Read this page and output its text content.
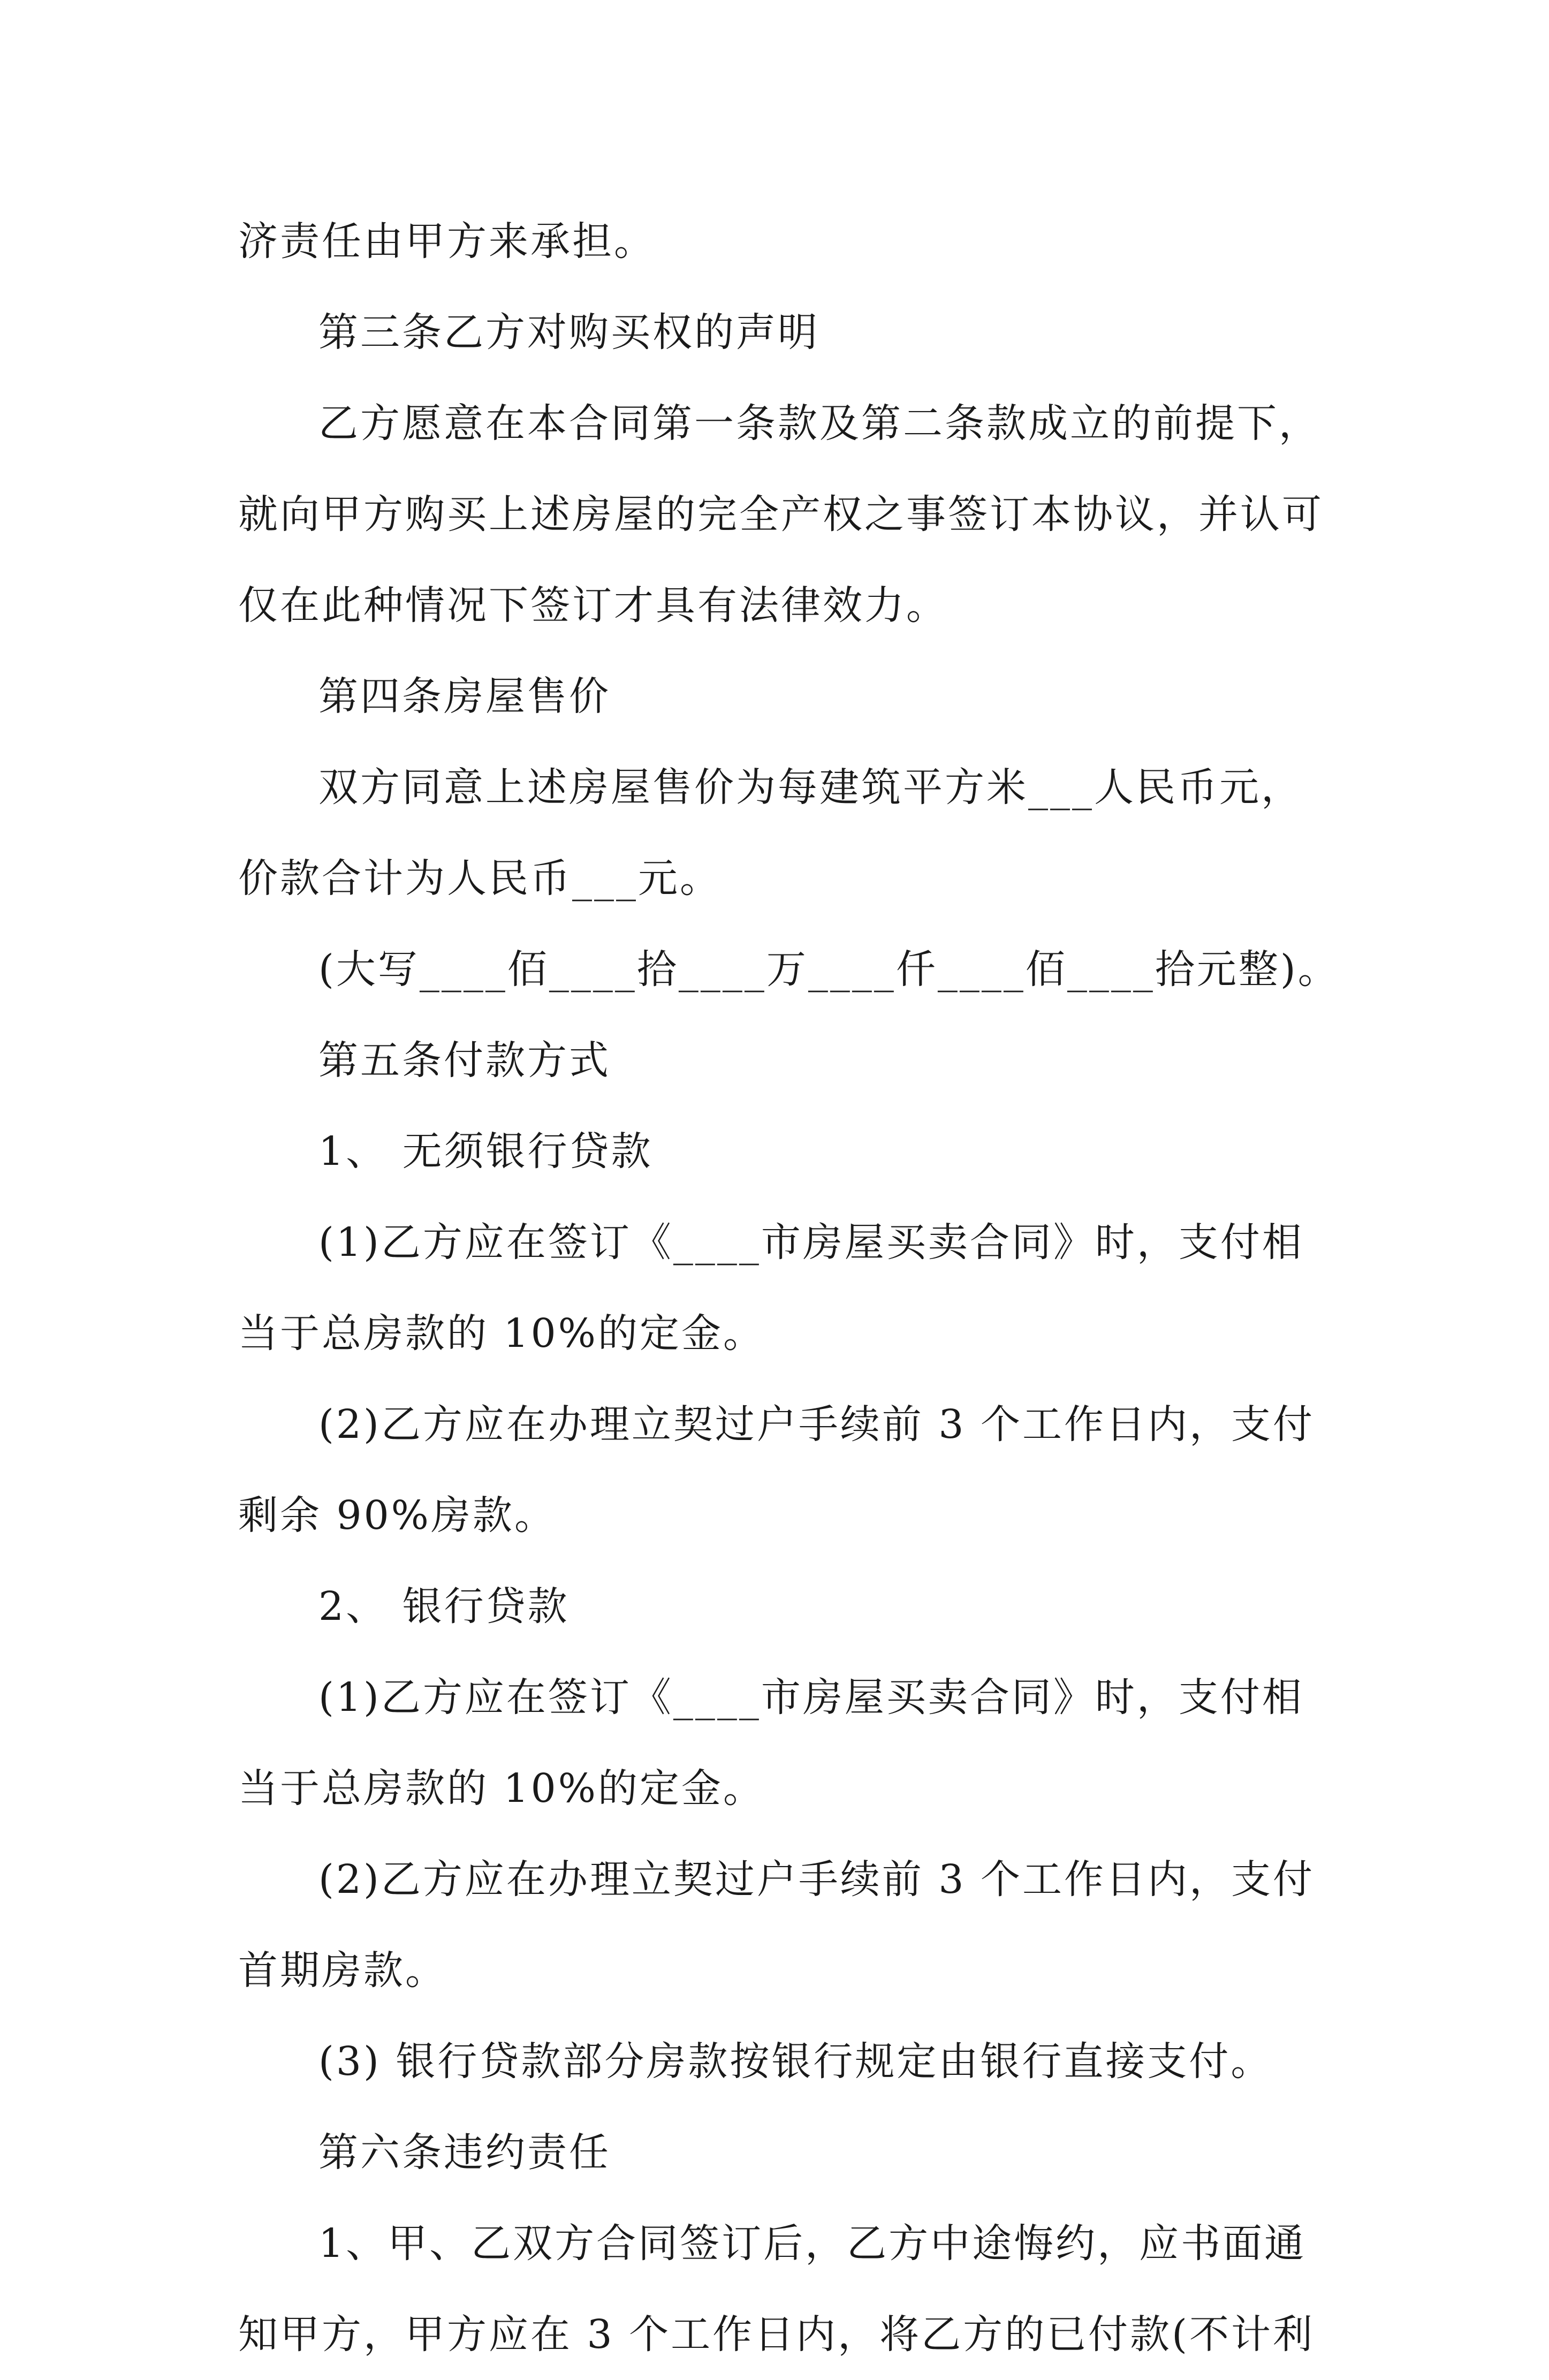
济责任由甲方来承担。
第三条乙方对购买权的声明
乙方愿意在本合同第一条款及第二条款成立的前提下，
就向甲方购买上述房屋的完全产权之事签订本协议，并认可
仅在此种情况下签订才具有法律效力。
第四条房屋售价
双方同意上述房屋售价为每建筑平方米___人民币元，
价款合计为人民币___元。
(大写____佰____拾____万____仟____佰____拾元整)。
第五条付款方式
1、 无须银行贷款
(1)乙方应在签订《____市房屋买卖合同》时，支付相
当于总房款的 10%的定金。
(2)乙方应在办理立契过户手续前 3 个工作日内，支付
剩余 90%房款。
2、 银行贷款
(1)乙方应在签订《____市房屋买卖合同》时，支付相
当于总房款的 10%的定金。
(2)乙方应在办理立契过户手续前 3 个工作日内，支付
首期房款。
(3) 银行贷款部分房款按银行规定由银行直接支付。
第六条违约责任
1、甲、乙双方合同签订后，乙方中途悔约，应书面通
知甲方，甲方应在 3 个工作日内，将乙方的已付款(不计利
